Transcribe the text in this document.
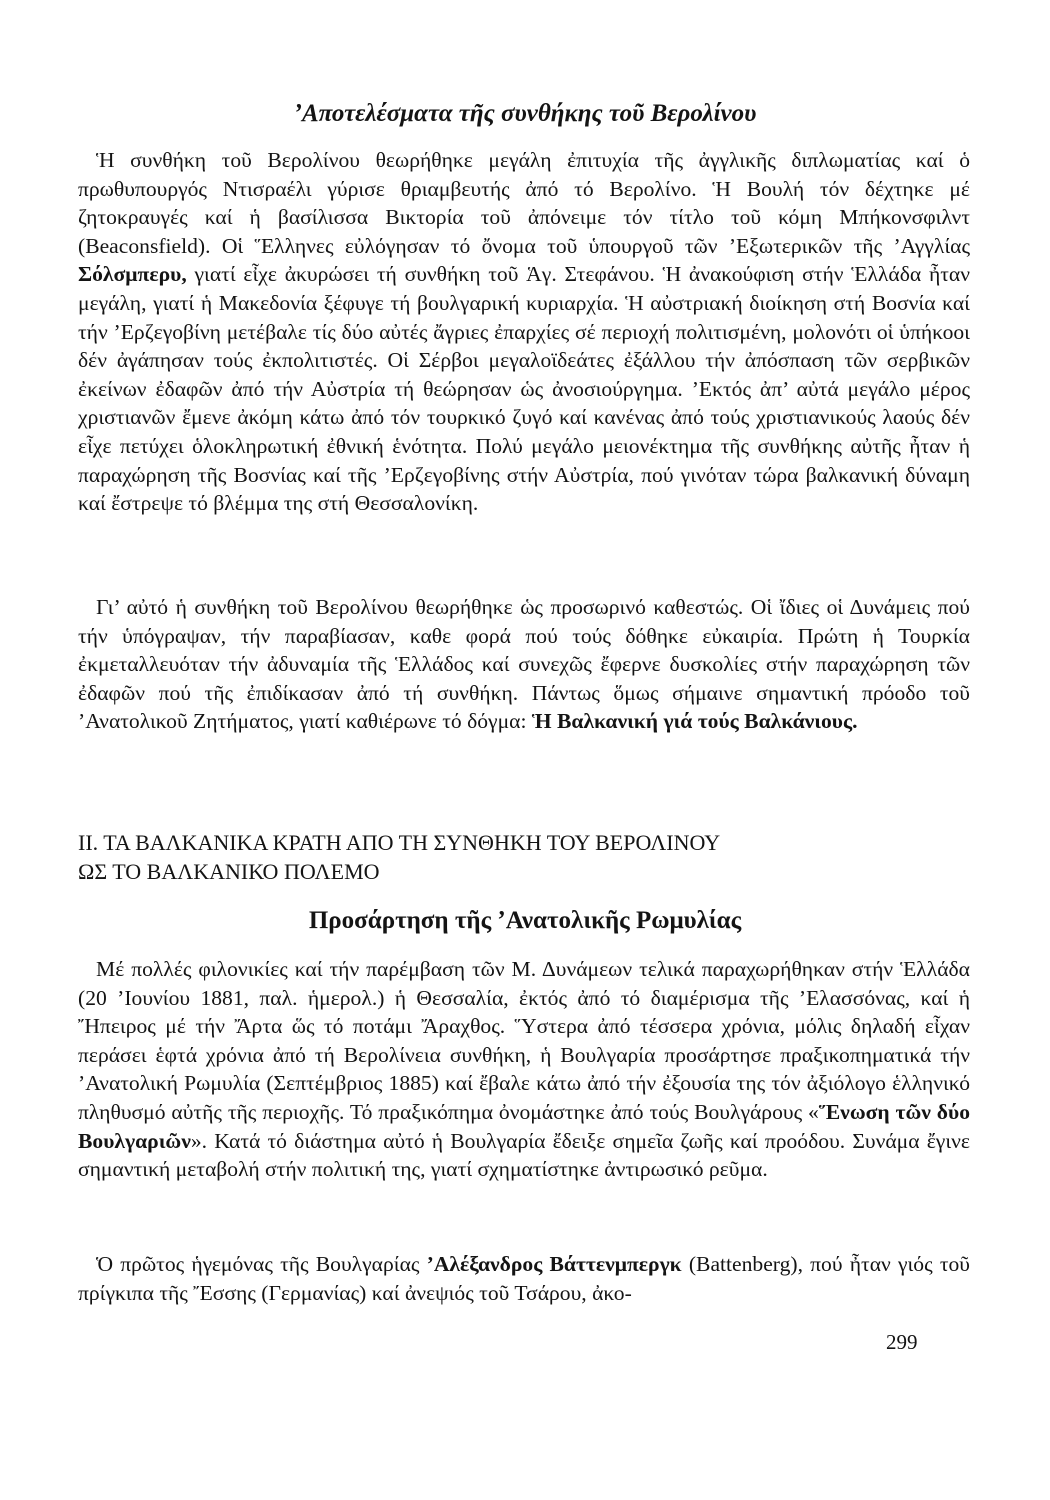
ʼΑποτελέσματα τῆς συνθήκης τοῦ Βερολίνου

Ἡ συνθήκη τοῦ Βερολίνου θεωρήθηκε μεγάλη ἐπιτυχία τῆς ἀγγλικῆς διπλωματίας καί ὁ πρωθυπουργός Ντισραέλι γύρισε θριαμβευτής ἀπό τό Βερολίνο. Ἡ Βουλή τόν δέχτηκε μέ ζητοκραυγές καί ἡ βασίλισσα Βικτορία τοῦ ἀπόνειμε τόν τίτλο τοῦ κόμη Μπήκονσφιλντ (Beaconsfield). Οἱ Ἕλληνες εὐλόγησαν τό ὄνομα τοῦ ὑπουργοῦ τῶν ʼΕξωτερικῶν τῆς ʼΑγγλίας Σόλσμπερυ, γιατί εἶχε ἀκυρώσει τή συνθήκη τοῦ Ἁγ. Στεφάνου. Ἡ ἀνακούφιση στήν Ἑλλάδα ἦταν μεγάλη, γιατί ἡ Μακεδονία ξέφυγε τή βουλγαρική κυριαρχία. Ἡ αὐστριακή διοίκηση στή Βοσνία καί τήν ʼΕρζεγοβίνη μετέβαλε τίς δύο αὐτές ἄγριες ἐπαρχίες σέ περιοχή πολιτισμένη, μολονότι οἱ ὑπήκοοι δέν ἀγάπησαν τούς ἐκπολιτιστές. Οἱ Σέρβοι μεγαλοϊδεάτες ἐξάλλου τήν ἀπόσπαση τῶν σερβικῶν ἐκείνων ἐδαφῶν ἀπό τήν Αὐστρία τή θεώρησαν ὡς ἀνοσιούργημα. ʼΕκτός ἀπ’ αὐτά μεγάλο μέρος χριστιανῶν ἔμενε ἀκόμη κάτω ἀπό τόν τουρκικό ζυγό καί κανένας ἀπό τούς χριστιανικούς λαούς δέν εἶχε πετύχει ὁλοκληρωτική ἐθνική ἑνότητα. Πολύ μεγάλο μειονέκτημα τῆς συνθήκης αὐτῆς ἦταν ἡ παραχώρηση τῆς Βοσνίας καί τῆς ʼΕρζεγοβίνης στήν Αὐστρία, πού γινόταν τώρα βαλκανική δύναμη καί ἔστρεψε τό βλέμμα της στή Θεσσαλονίκη.

Γι’ αὐτό ἡ συνθήκη τοῦ Βερολίνου θεωρήθηκε ὡς προσωρινό καθεστώς. Οἱ ἴδιες οἱ Δυνάμεις πού τήν ὑπόγραψαν, τήν παραβίασαν, καθε φορά πού τούς δόθηκε εὐκαιρία. Πρώτη ἡ Τουρκία ἐκμεταλλευόταν τήν ἀδυναμία τῆς Ἑλλάδος καί συνεχῶς ἔφερνε δυσκολίες στήν παραχώρηση τῶν ἐδαφῶν πού τῆς ἐπιδίκασαν ἀπό τή συνθήκη. Πάντως ὅμως σήμαινε σημαντική πρόοδο τοῦ ʼΑνατολικοῦ Ζητήματος, γιατί καθιέρωνε τό δόγμα: Ἡ Βαλκανική γιά τούς Βαλκάνιους.

ΙΙ. ΤΑ ΒΑΛΚΑΝΙΚΑ ΚΡΑΤΗ ΑΠΟ ΤΗ ΣΥΝΘΗΚΗ ΤΟΥ ΒΕΡΟΛΙΝΟΥ
ΩΣ ΤΟ ΒΑΛΚΑΝΙΚΟ ΠΟΛΕΜΟ
Προσάρτηση τῆς ʼΑνατολικῆς Ρωμυλίας

Μέ πολλές φιλονικίες καί τήν παρέμβαση τῶν Μ. Δυνάμεων τελικά παραχωρήθηκαν στήν Ἑλλάδα (20 ʼΙουνίου 1881, παλ. ἡμερολ.) ἡ Θεσσαλία, ἐκτός ἀπό τό διαμέρισμα τῆς ʼΕλασσόνας, καί ἡ Ἤπειρος μέ τήν Ἄρτα ὥς τό ποτάμι Ἄραχθος. Ὕστερα ἀπό τέσσερα χρόνια, μόλις δηλαδή εἶχαν περάσει ἑφτά χρόνια ἀπό τή Βερολίνεια συνθήκη, ἡ Βουλγαρία προσάρτησε πραξικοπηματικά τήν ʼΑνατολική Ρωμυλία (Σεπτέμβριος 1885) καί ἔβαλε κάτω ἀπό τήν ἐξουσία της τόν ἀξιόλογο ἑλληνικό πληθυσμό αὐτῆς τῆς περιοχῆς. Τό πραξικόπημα ὀνομάστηκε ἀπό τούς Βουλγάρους «Ἕνωση τῶν δύο Βουλγαριῶν». Κατά τό διάστημα αὐτό ἡ Βουλγαρία ἔδειξε σημεῖα ζωῆς καί προόδου. Συνάμα ἔγινε σημαντική μεταβολή στήν πολιτική της, γιατί σχηματίστηκε ἀντιρωσικό ρεῦμα.

Ὁ πρῶτος ἡγεμόνας τῆς Βουλγαρίας ʼΑλέξανδρος Βάττενμπεργκ (Battenberg), πού ἦταν γιός τοῦ πρίγκιπα τῆς Ἔσσης (Γερμανίας) καί ἀνεψιός τοῦ Τσάρου, ἀκο-

299
